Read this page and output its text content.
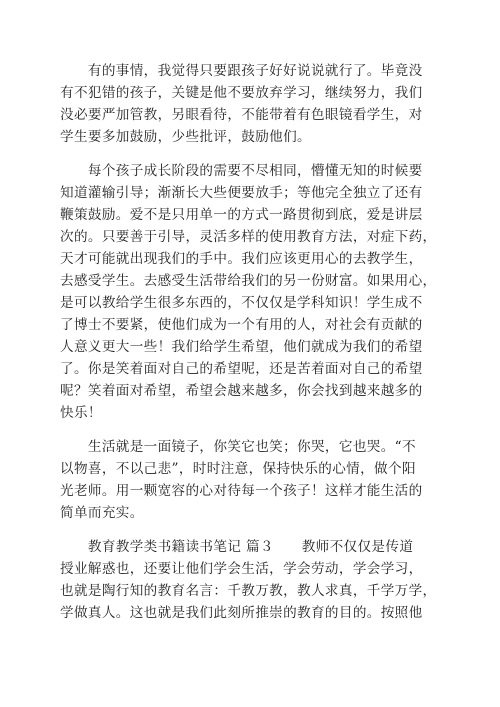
　　有的事情，我觉得只要跟孩子好好说说就行了。毕竟没
有不犯错的孩子，关键是他不要放弃学习，继续努力，我们
没必要严加管教，另眼看待，不能带着有色眼镜看学生，对
学生要多加鼓励，少些批评，鼓励他们。
　　每个孩子成长阶段的需要不尽相同，懵懂无知的时候要
知道灌输引导；渐渐长大些便要放手；等他完全独立了还有
鞭策鼓励。爱不是只用单一的方式一路贯彻到底，爱是讲层
次的。只要善于引导，灵活多样的使用教育方法，对症下药，
天才可能就出现我们的手中。我们应该更用心的去教学生，
去感受学生。去感受生活带给我们的另一份财富。如果用心，
是可以教给学生很多东西的，不仅仅是学科知识！学生成不
了博士不要紧，使他们成为一个有用的人，对社会有贡献的
人意义更大一些！我们给学生希望，他们就成为我们的希望
了。你是笑着面对自己的希望呢，还是苦着面对自己的希望
呢？笑着面对希望，希望会越来越多，你会找到越来越多的
快乐！
　　生活就是一面镜子，你笑它也笑；你哭，它也哭。“不
以物喜，不以己悲”，时时注意，保持快乐的心情，做个阳
光老师。用一颗宽容的心对待每一个孩子！这样才能生活的
简单而充实。
　　教育教学类书籍读书笔记 篇３　　教师不仅仅是传道
授业解惑也，还要让他们学会生活，学会劳动，学会学习，
也就是陶行知的教育名言：千教万教，教人求真，千学万学，
学做真人。这也就是我们此刻所推崇的教育的目的。按照他
